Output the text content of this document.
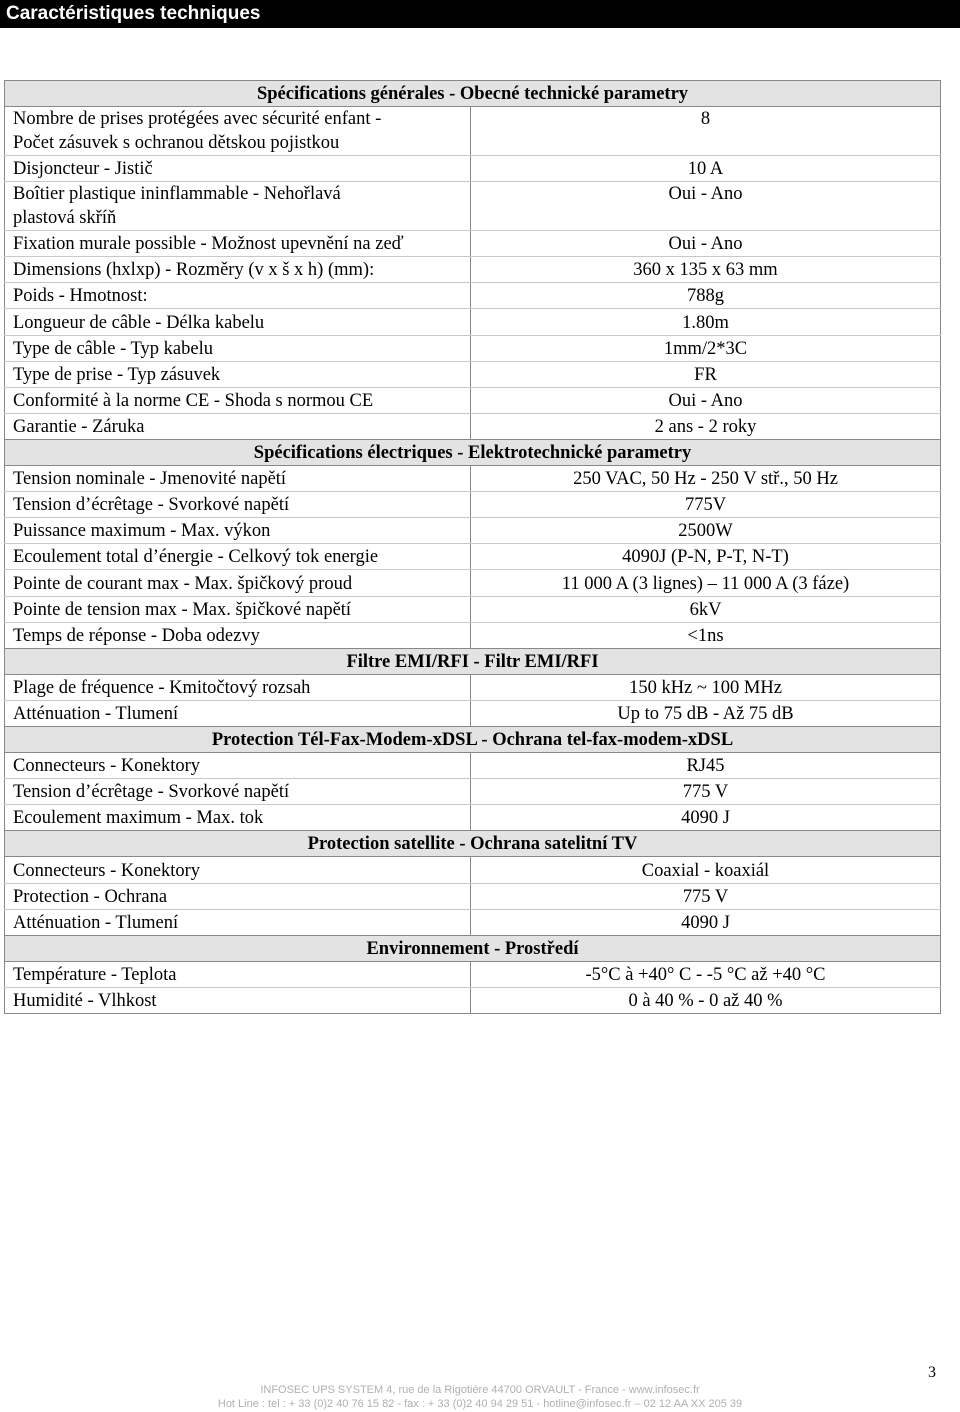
Caractéristiques techniques
Spécifications générales - Obecné technické parametry	
Nombre de prises protégées avec sécurité enfant -
Počet zásuvek s ochranou dětskou pojistkou	8
Disjoncteur - Jistič	10 A
Boîtier plastique ininflammable - Nehořlavá
plastová skříň	Oui - Ano
Fixation murale possible - Možnost upevnění na zeď	Oui - Ano
Dimensions (hxlxp) - Rozměry (v x š x h) (mm):	360 x 135 x 63 mm
Poids - Hmotnost:	788g
Longueur de câble - Délka kabelu	1.80m
Type de câble - Typ kabelu	1mm/2*3C
Type de prise - Typ zásuvek	FR
Conformité à la norme CE - Shoda s normou CE	Oui - Ano
Garantie - Záruka	2 ans - 2 roky
Spécifications électriques - Elektrotechnické parametry	
Tension nominale - Jmenovité napětí	250 VAC, 50 Hz - 250 V stř., 50 Hz
Tension d’écrêtage - Svorkové napětí	775V
Puissance maximum - Max. výkon	2500W
Ecoulement total d’énergie - Celkový tok energie	4090J (P-N, P-T, N-T)
Pointe de courant max - Max. špičkový proud	11 000 A (3 lignes) – 11 000 A (3 fáze)
Pointe de tension max - Max. špičkové napětí	6kV
Temps de réponse - Doba odezvy	<1ns
Filtre EMI/RFI - Filtr EMI/RFI	
Plage de fréquence - Kmitočtový rozsah	150 kHz ~ 100 MHz
Atténuation - Tlumení	Up to 75 dB - Až 75 dB
Protection Tél-Fax-Modem-xDSL - Ochrana tel-fax-modem-xDSL	
Connecteurs - Konektory	RJ45
Tension d’écrêtage - Svorkové napětí	775 V
Ecoulement maximum - Max. tok	4090 J
Protection satellite - Ochrana satelitní TV	
Connecteurs - Konektory	Coaxial - koaxiál
Protection - Ochrana	775 V
Atténuation - Tlumení	4090 J
Environnement - Prostředí	
Température - Teplota	-5°C à +40° C - -5 °C až +40 °C
Humidité - Vlhkost	0 à 40 % - 0 až 40 %
3
INFOSEC UPS SYSTEM 4, rue de la Rigotière 44700 ORVAULT - France - www.infosec.fr
Hot Line : tel : + 33 (0)2 40 76 15 82 - fax : + 33 (0)2 40 94 29 51 - hotline@infosec.fr – 02 12 AA XX 205 39
